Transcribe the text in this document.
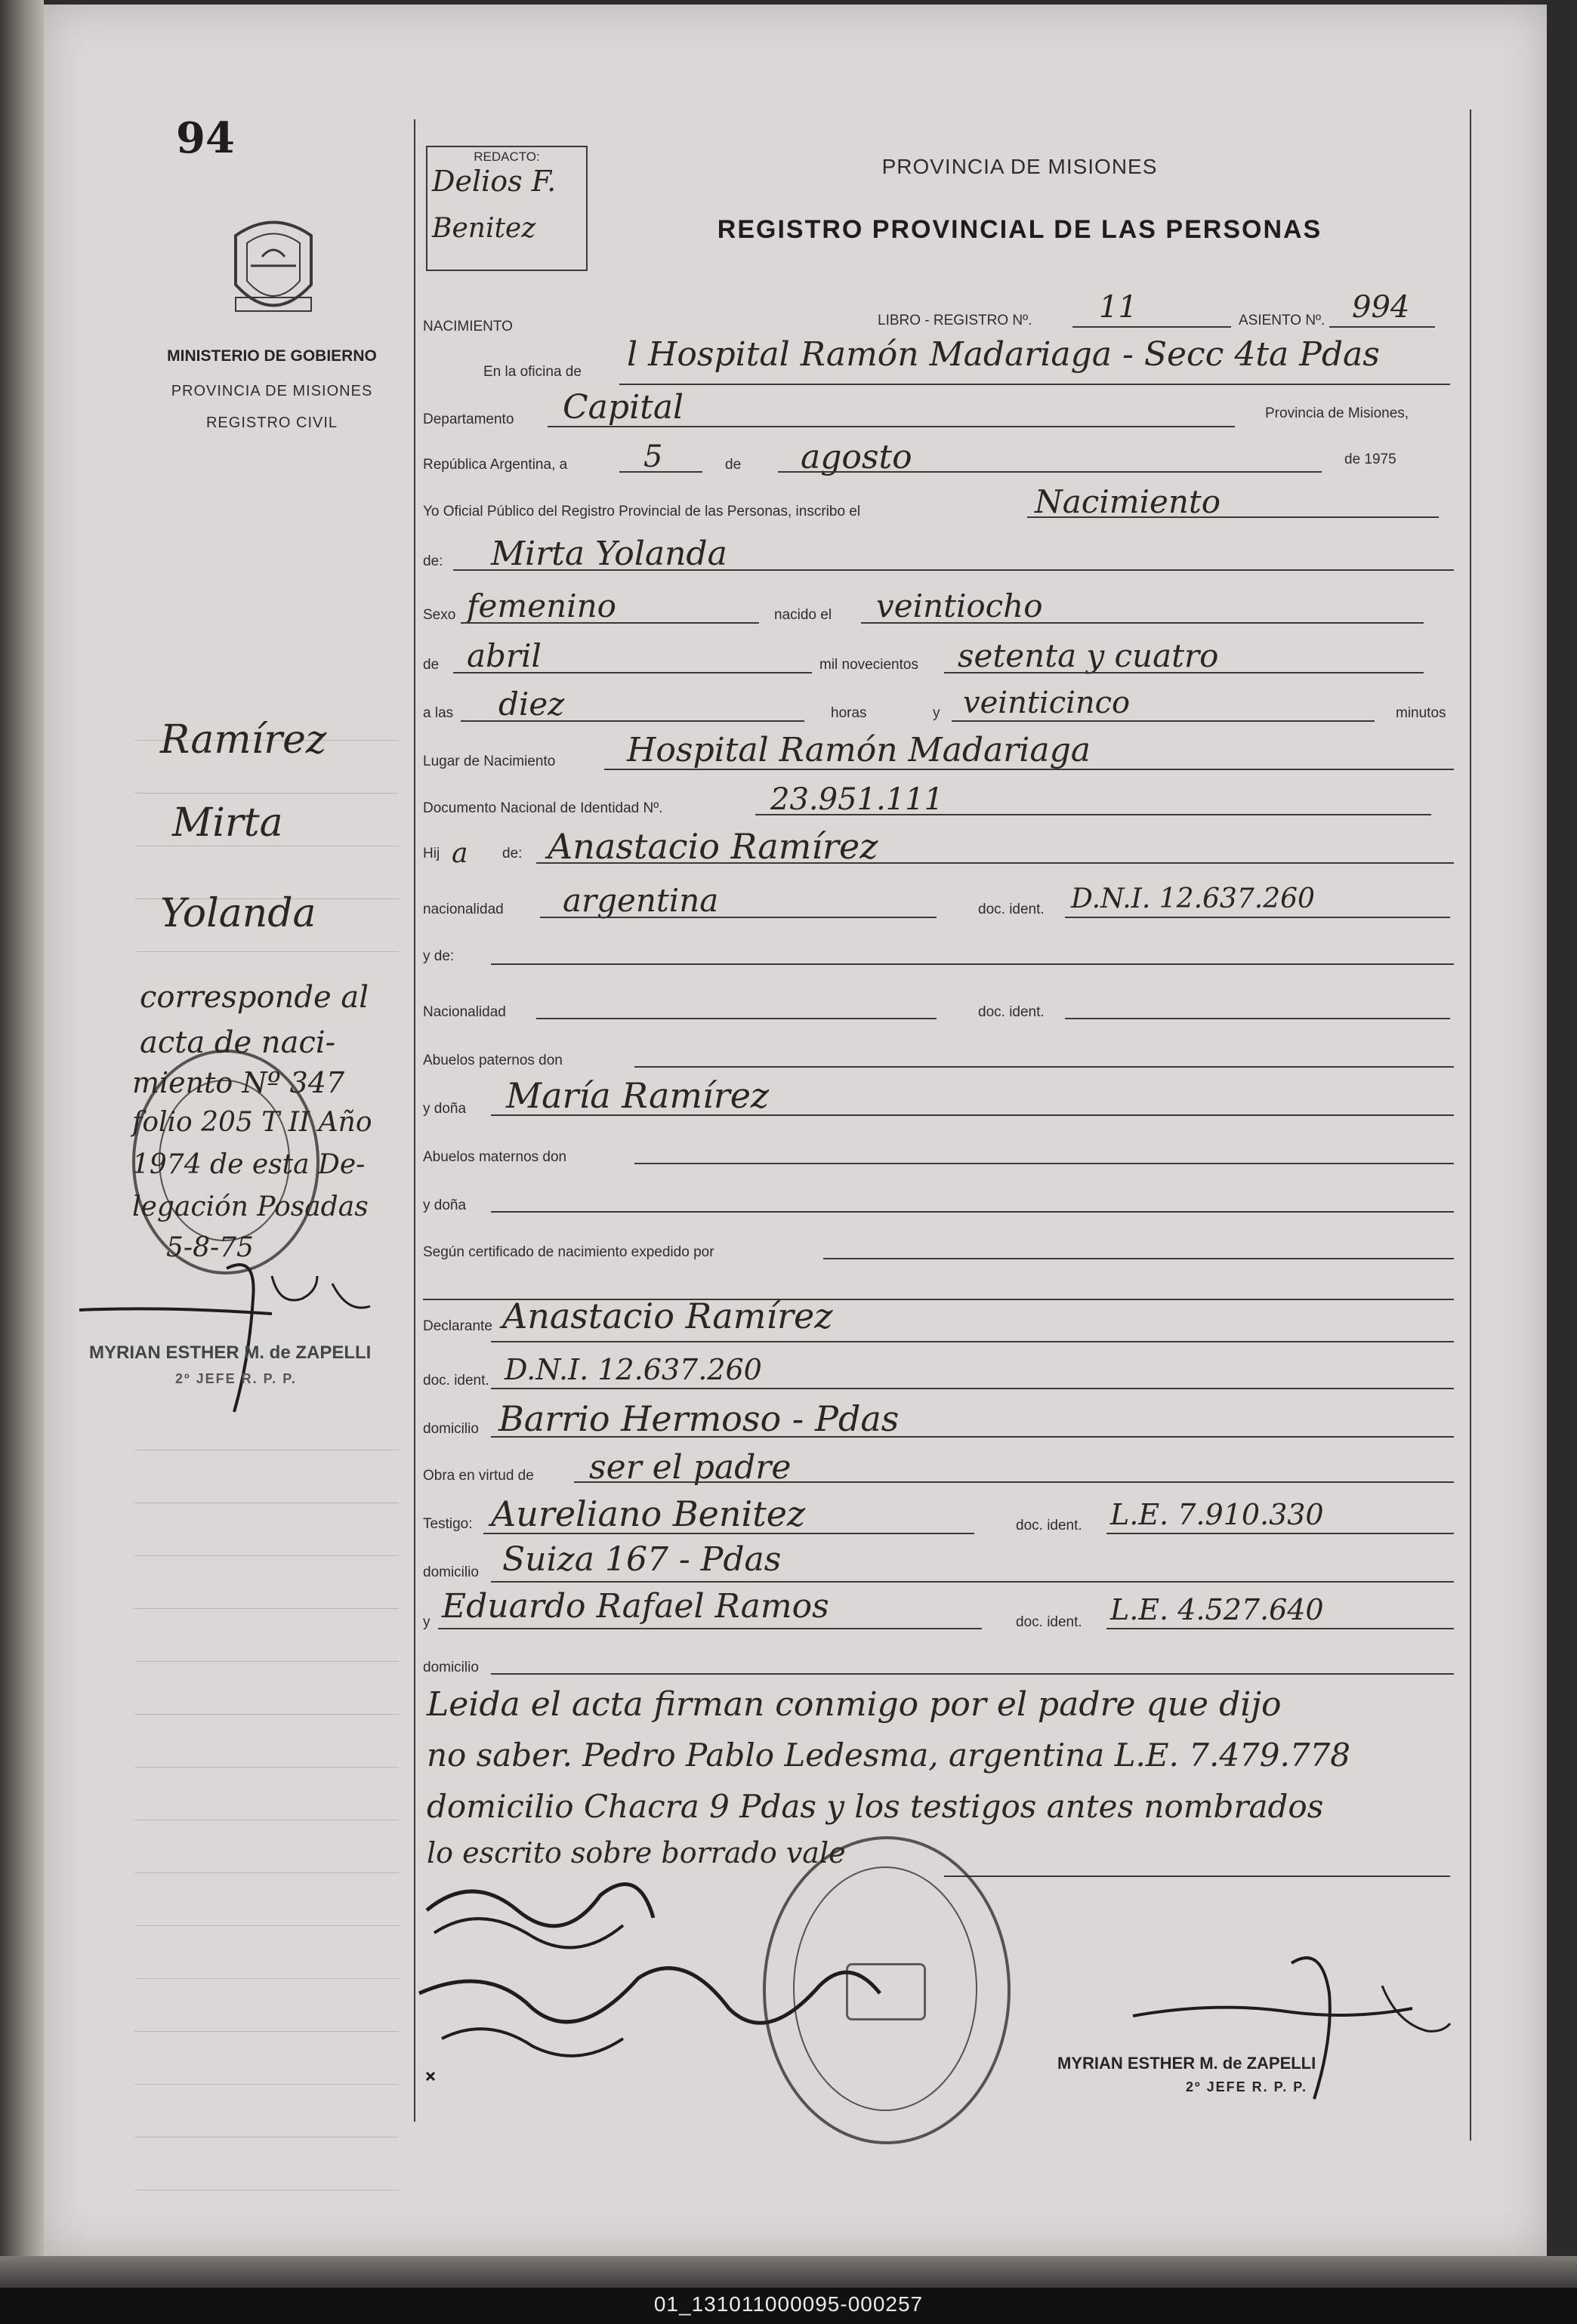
94
MINISTERIO DE GOBIERNO
PROVINCIA DE MISIONES
REGISTRO CIVIL
REDACTO:
Delios F.
Benitez
PROVINCIA DE MISIONES
REGISTRO PROVINCIAL DE LAS PERSONAS
NACIMIENTO	LIBRO - REGISTRO Nº. 11	ASIENTO Nº. 994
En la oficina de l Hospital Ramón Madariaga - Secc 4ta Pdas
Departamento Capital	Provincia de Misiones,
República Argentina, a	5	de agosto	de 1975
Yo Oficial Público del Registro Provincial de las Personas, inscribo el	Nacimiento
de: Mirta Yolanda
Sexo femenino	nacido el veintiocho
de abril	mil novecientos setenta y cuatro
a las diez	horas	y veinticinco	minutos
Lugar de Nacimiento Hospital Ramón Madariaga
Documento Nacional de Identidad Nº.	23.951.111
Hij a de: Anastacio Ramírez
nacionalidad argentina	doc. ident. D.N.I. 12.637.260
y de:
Nacionalidad	doc. ident.
Abuelos paternos don
y doña María Ramírez
Abuelos maternos don
y doña
Según certificado de nacimiento expedido por
Declarante Anastacio Ramírez
doc. ident. D.N.I. 12.637.260
domicilio Barrio Hermoso - Pdas
Obra en virtud de ser el padre
Testigo: Aureliano Benitez	doc. ident. L.E. 7.910.330
domicilio Suiza 167 - Pdas
y Eduardo Rafael Ramos	doc. ident. L.E. 4.527.640
domicilio
Leida el acta firman conmigo por el padre que dijo
no saber. Pedro Pablo Ledesma, argentina L.E. 7.479.778
domicilio Chacra 9 Pdas y los testigos antes nombrados
lo escrito sobre borrado vale
MYRIAN ESTHER M. de ZAPELLI
2º JEFE R. P. P.
Ramírez
Mirta
Yolanda
corresponde al
acta de naci-
miento Nº 347
folio 205 T II Año
1974 de esta De-
legación Posadas
5-8-75
MYRIAN ESTHER M. de ZAPELLI
2º JEFE R. P. P.
01_131011000095-000257
